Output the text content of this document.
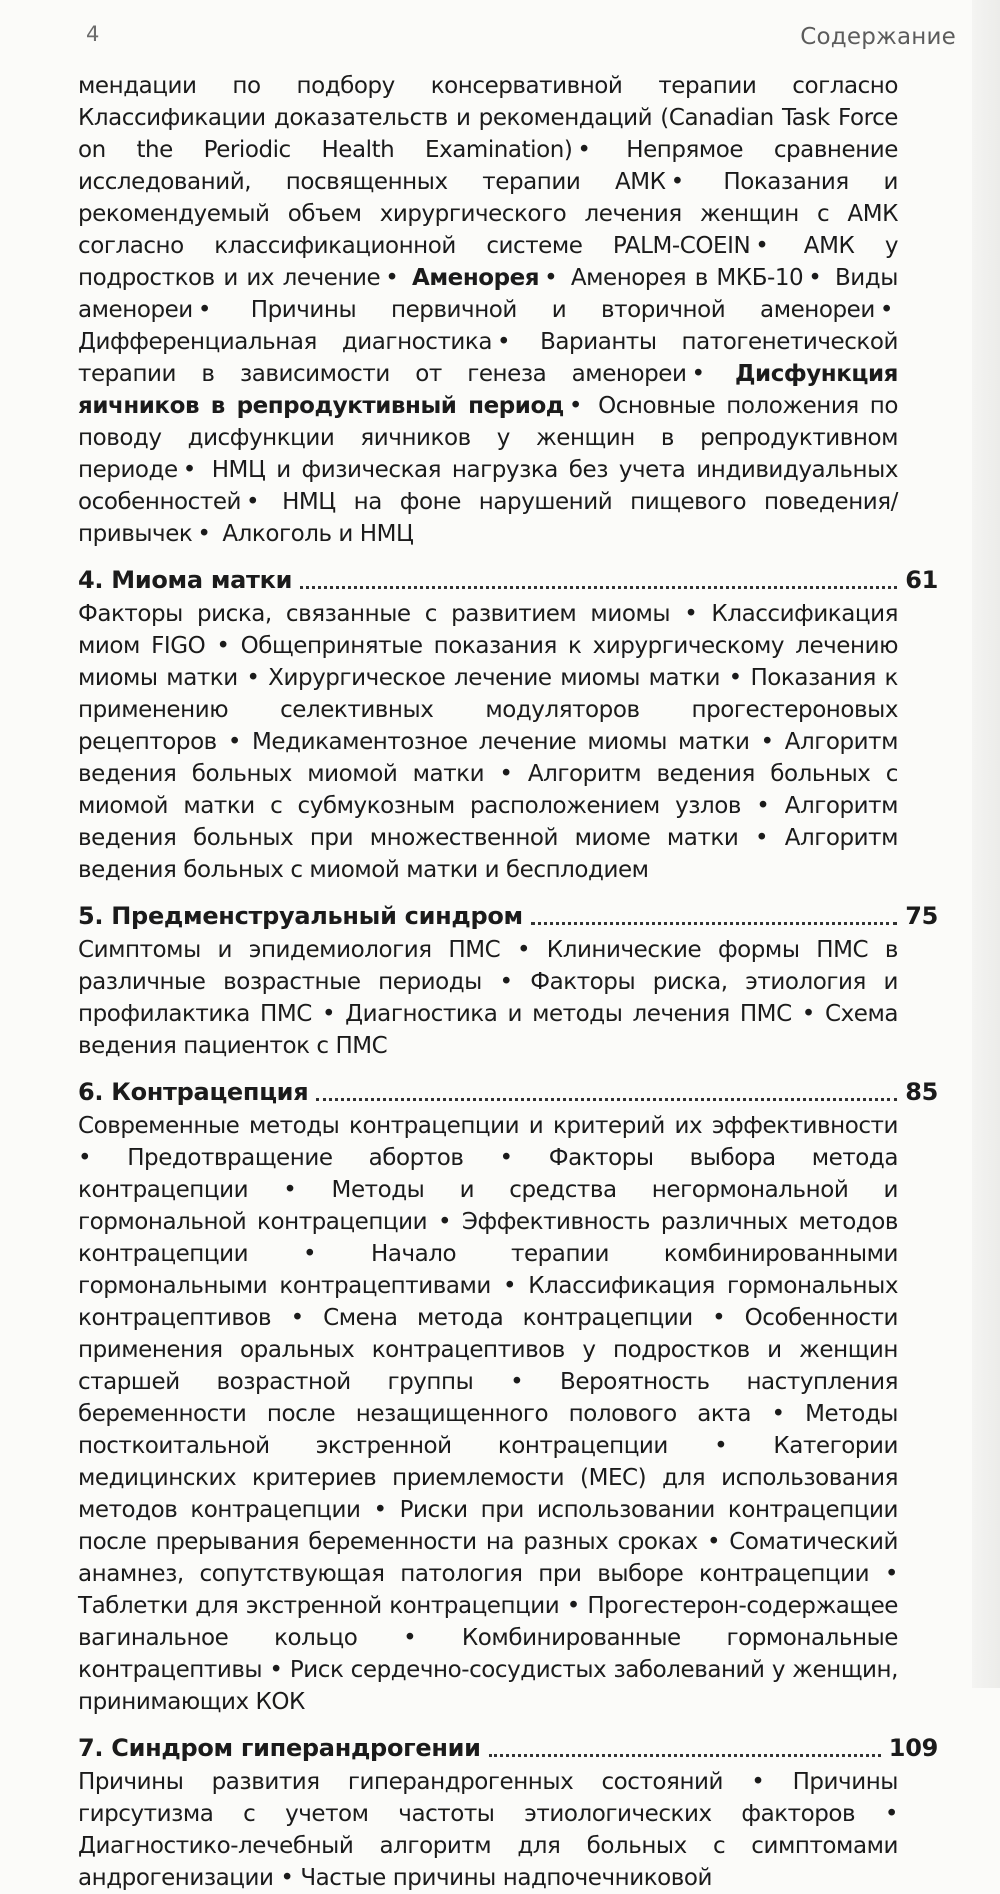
4	Содержание

мендации по подбору консервативной терапии согласно Классификации доказательств и рекомендаций (Canadian Task Force on the Periodic Health Examination) • Непрямое сравнение исследований, посвященных терапии АМК • Показания и рекомендуемый объем хирургического лечения женщин с АМК согласно классификационной системе PALM-COEIN • АМК у подростков и их лечение • Аменорея • Аменорея в МКБ-10 • Виды аменореи • Причины первичной и вторичной аменореи • Дифференциальная диагностика • Варианты патогенетической терапии в зависимости от генеза аменореи • Дисфункция яичников в репродуктивный период • Основные положения по поводу дисфункции яичников у женщин в репродуктивном периоде • НМЦ и физическая нагрузка без учета индивидуальных особенностей • НМЦ на фоне нарушений пищевого поведения/привычек • Алкоголь и НМЦ

4. Миома матки	61

Факторы риска, связанные с развитием миомы • Классификация миом FIGO • Общепринятые показания к хирургическому лечению миомы матки • Хирургическое лечение миомы матки • Показания к применению селективных модуляторов прогестероновых рецепторов • Медикаментозное лечение миомы матки • Алгоритм ведения больных миомой матки • Алгоритм ведения больных с миомой матки с субмукозным расположением узлов • Алгоритм ведения больных при множественной миоме матки • Алгоритм ведения больных с миомой матки и бесплодием

5. Предменструальный синдром	75

Симптомы и эпидемиология ПМС • Клинические формы ПМС в различные возрастные периоды • Факторы риска, этиология и профилактика ПМС • Диагностика и методы лечения ПМС • Схема ведения пациенток с ПМС

6. Контрацепция	85

Современные методы контрацепции и критерий их эффективности • Предотвращение абортов • Факторы выбора метода контрацепции • Методы и средства негормональной и гормональной контрацепции • Эффективность различных методов контрацепции • Начало терапии комбинированными гормональными контрацептивами • Классификация гормональных контрацептивов • Смена метода контрацепции • Особенности применения оральных контрацептивов у подростков и женщин старшей возрастной группы • Вероятность наступления беременности после незащищенного полового акта • Методы посткоитальной экстренной контрацепции • Категории медицинских критериев приемлемости (MEC) для использования методов контрацепции • Риски при использовании контрацепции после прерывания беременности на разных сроках • Соматический анамнез, сопутствующая патология при выборе контрацепции • Таблетки для экстренной контрацепции • Прогестерон-содержащее вагинальное кольцо • Комбинированные гормональные контрацептивы • Риск сердечно-сосудистых заболеваний у женщин, принимающих КОК

7. Синдром гиперандрогении	109

Причины развития гиперандрогенных состояний • Причины гирсутизма с учетом частоты этиологических факторов • Диагностико-лечебный алгоритм для больных с симптомами андрогенизации • Частые причины надпочечниковой
